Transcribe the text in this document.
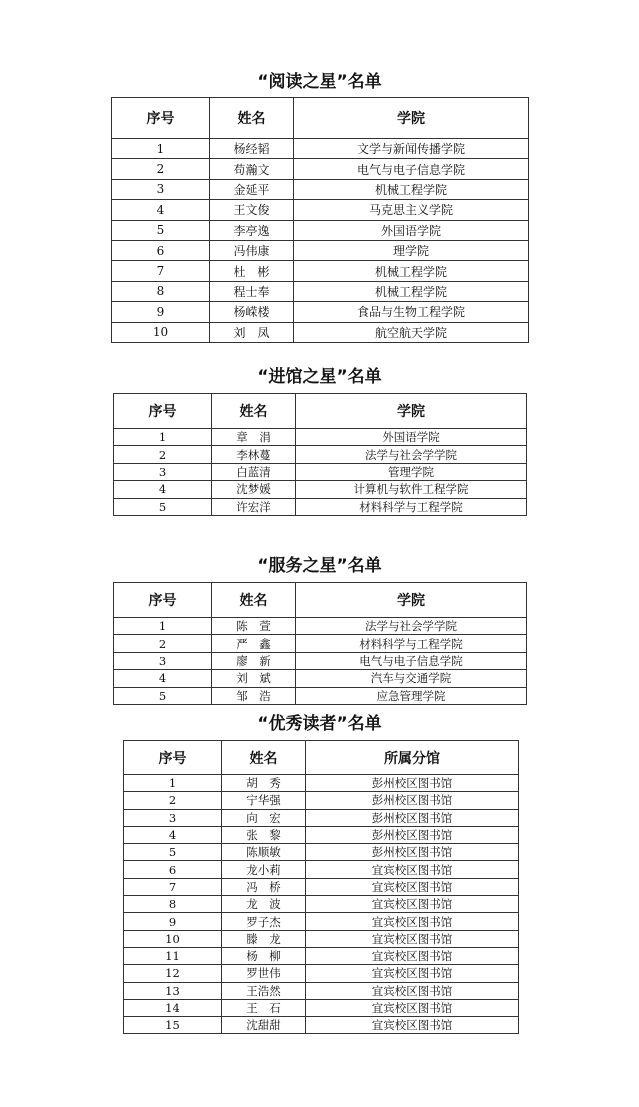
“阅读之星”名单
序号	姓名	学院
1	杨经韬	文学与新闻传播学院
2	苟瀚文	电气与电子信息学院
3	金延平	机械工程学院
4	王文俊	马克思主义学院
5	李亭逸	外国语学院
6	冯伟康	理学院
7	杜　彬	机械工程学院
8	程士奉	机械工程学院
9	杨嵘楼	食品与生物工程学院
10	刘　凤	航空航天学院
“进馆之星”名单
序号	姓名	学院
1	章　涓	外国语学院
2	李林蔓	法学与社会学学院
3	白蓝清	管理学院
4	沈梦媛	计算机与软件工程学院
5	许宏洋	材料科学与工程学院
“服务之星”名单
序号	姓名	学院
1	陈　萱	法学与社会学学院
2	严　鑫	材料科学与工程学院
3	廖　新	电气与电子信息学院
4	刘　斌	汽车与交通学院
5	邹　浩	应急管理学院
“优秀读者”名单
序号	姓名	所属分馆
1	胡　秀	彭州校区图书馆
2	宁华强	彭州校区图书馆
3	向　宏	彭州校区图书馆
4	张　黎	彭州校区图书馆
5	陈顺敏	彭州校区图书馆
6	龙小莉	宜宾校区图书馆
7	冯　桥	宜宾校区图书馆
8	龙　波	宜宾校区图书馆
9	罗子杰	宜宾校区图书馆
10	滕　龙	宜宾校区图书馆
11	杨　柳	宜宾校区图书馆
12	罗世伟	宜宾校区图书馆
13	王浩然	宜宾校区图书馆
14	王　石	宜宾校区图书馆
15	沈甜甜	宜宾校区图书馆
